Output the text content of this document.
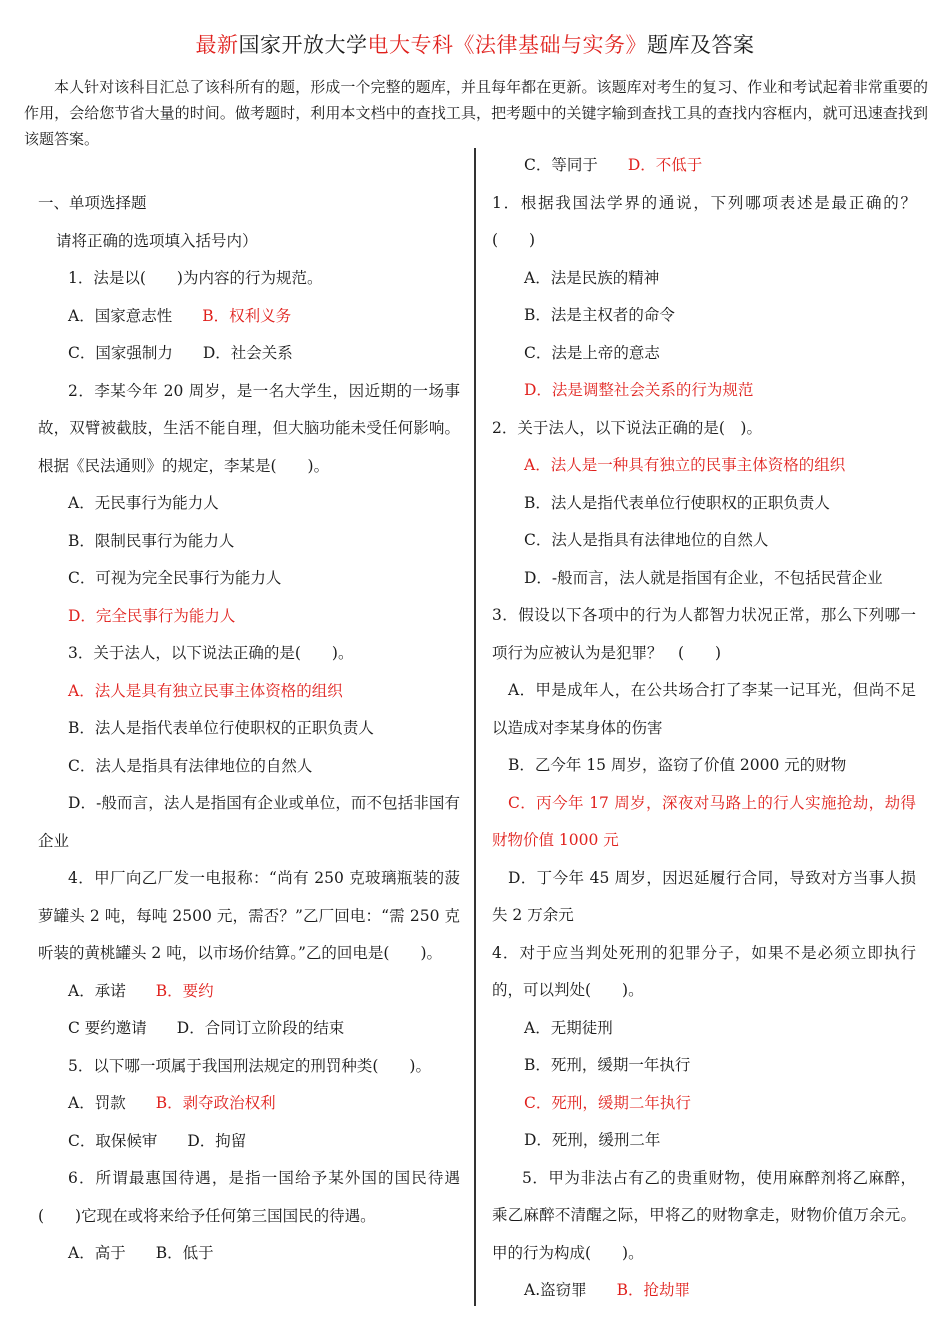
最新国家开放大学电大专科《法律基础与实务》题库及答案
本人针对该科目汇总了该科所有的题，形成一个完整的题库，并且每年都在更新。该题库对考生的复习、作业和考试起着非常重要的作用，会给您节省大量的时间。做考题时，利用本文档中的查找工具，把考题中的关键字输到查找工具的查找内容框内，就可迅速查找到该题答案。

一、单项选择题

请将正确的选项填入括号内）

1．法是以(　　)为内容的行为规范。

A．国家意志性 B．权利义务

C．国家强制力 D．社会关系

2．李某今年 20 周岁，是一名大学生，因近期的一场事故，双臂被截肢，生活不能自理，但大脑功能未受任何影响。根据《民法通则》的规定，李某是(　　)。

A．无民事行为能力人

B．限制民事行为能力人

C．可视为完全民事行为能力人

D．完全民事行为能力人

3．关于法人，以下说法正确的是(　　)。

A．法人是具有独立民事主体资格的组织

B．法人是指代表单位行使职权的正职负责人

C．法人是指具有法律地位的自然人

D．-般而言，法人是指国有企业或单位，而不包括非国有企业

4．甲厂向乙厂发一电报称：“尚有 250 克玻璃瓶装的菠萝罐头 2 吨，每吨 2500 元，需否？”乙厂回电：“需 250 克听装的黄桃罐头 2 吨，以市场价结算。”乙的回电是(　　)。

A．承诺 B．要约

C 要约邀请 D．合同订立阶段的结束

5．以下哪一项属于我国刑法规定的刑罚种类(　　)。

A．罚款 B．剥夺政治权利

C．取保候审 D．拘留

6．所谓最惠国待遇，是指一国给予某外国的国民待遇(　　)它现在或将来给予任何第三国国民的待遇。

A．高于 B．低于

C．等同于 D．不低于

1．根据我国法学界的通说，下列哪项表述是最正确的？(　　)

A．法是民族的精神

B．法是主权者的命令

C．法是上帝的意志

D．法是调整社会关系的行为规范

2．关于法人，以下说法正确的是(　)。

A．法人是一种具有独立的民事主体资格的组织

B．法人是指代表单位行使职权的正职负责人

C．法人是指具有法律地位的自然人

D．-般而言，法人就是指国有企业，不包括民营企业

3．假设以下各项中的行为人都智力状况正常，那么下列哪一项行为应被认为是犯罪？　(　　)

A．甲是成年人，在公共场合打了李某一记耳光，但尚不足以造成对李某身体的伤害

B．乙今年 15 周岁，盗窃了价值 2000 元的财物

C．丙今年 17 周岁，深夜对马路上的行人实施抢劫，劫得财物价值 1000 元

D．丁今年 45 周岁，因迟延履行合同，导致对方当事人损失 2 万余元

4．对于应当判处死刑的犯罪分子，如果不是必须立即执行的，可以判处(　　)。

A．无期徒刑

B．死刑，缓期一年执行

C．死刑，缓期二年执行

D．死刑，缓刑二年

5．甲为非法占有乙的贵重财物，使用麻醉剂将乙麻醉，乘乙麻醉不清醒之际，甲将乙的财物拿走，财物价值万余元。甲的行为构成(　　)。

A.盗窃罪 B．抢劫罪
